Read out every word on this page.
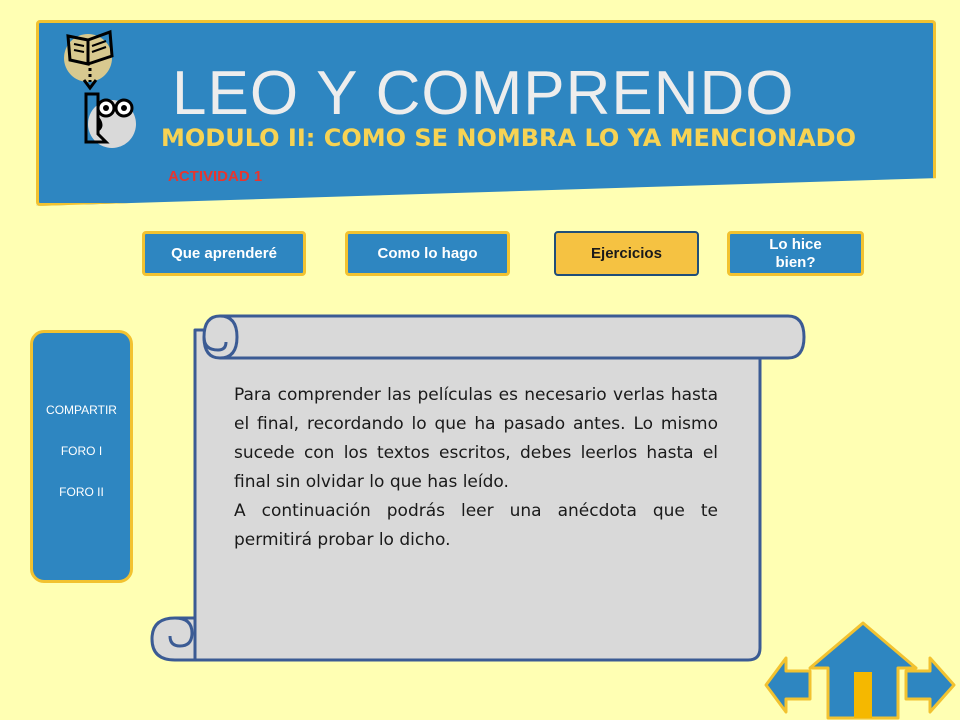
LEO Y COMPRENDO
MODULO II: COMO SE NOMBRA LO YA MENCIONADO
ACTIVIDAD 1
Que aprenderé	Como lo hago	Ejercicios
Lo hice bien?
COMPARTIR
FORO I
FORO II

Para comprender las películas es necesario verlas hasta el final, recordando lo que ha pasado antes. Lo mismo sucede con los textos escritos, debes leerlos hasta el final sin olvidar lo que has leído.

A continuación podrás leer una anécdota que te permitirá probar lo dicho.
